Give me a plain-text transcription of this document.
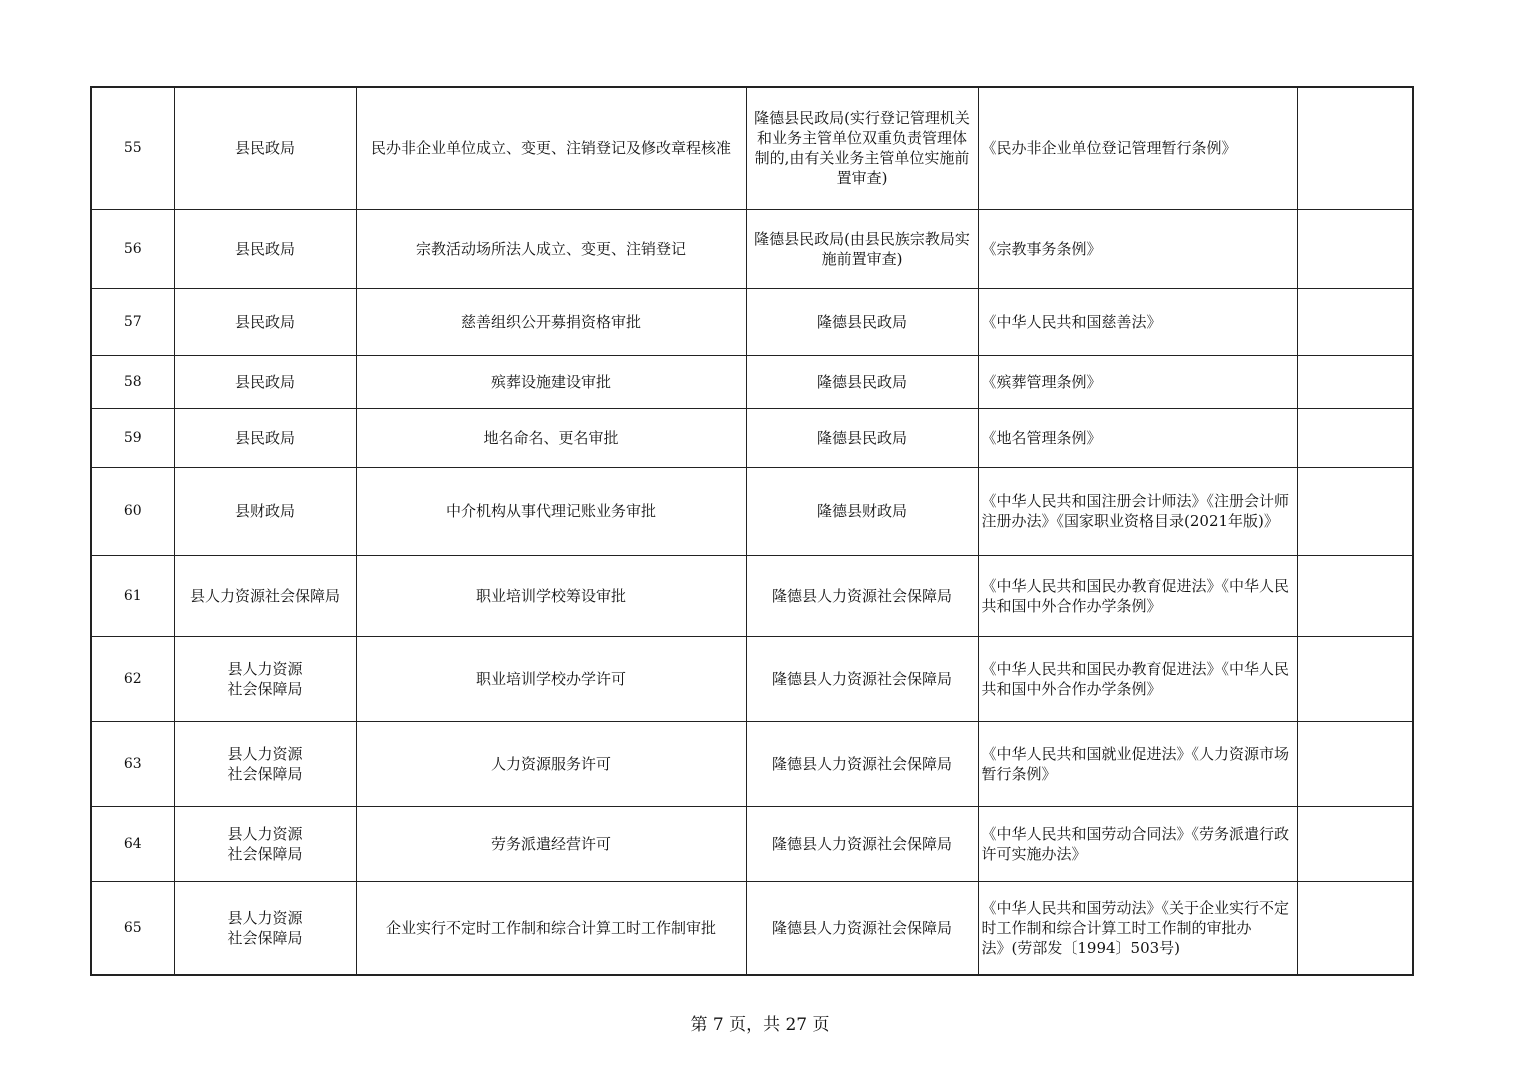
55	县民政局	民办非企业单位成立、变更、注销登记及修改章程核准	隆德县民政局(实行登记管理机关和业务主管单位双重负责管理体制的,由有关业务主管单位实施前置审查)	《民办非企业单位登记管理暂行条例》	

56	县民政局	宗教活动场所法人成立、变更、注销登记	隆德县民政局(由县民族宗教局实施前置审查)	《宗教事务条例》	

57	县民政局	慈善组织公开募捐资格审批	隆德县民政局	《中华人民共和国慈善法》	

58	县民政局	殡葬设施建设审批	隆德县民政局	《殡葬管理条例》	

59	县民政局	地名命名、更名审批	隆德县民政局	《地名管理条例》	

60	县财政局	中介机构从事代理记账业务审批	隆德县财政局	《中华人民共和国注册会计师法》《注册会计师注册办法》《国家职业资格目录(2021年版)》	

61	县人力资源社会保障局	职业培训学校筹设审批	隆德县人力资源社会保障局	《中华人民共和国民办教育促进法》《中华人民共和国中外合作办学条例》	

62	县人力资源
社会保障局	职业培训学校办学许可	隆德县人力资源社会保障局	《中华人民共和国民办教育促进法》《中华人民共和国中外合作办学条例》	

63	县人力资源
社会保障局	人力资源服务许可	隆德县人力资源社会保障局	《中华人民共和国就业促进法》《人力资源市场暂行条例》	

64	县人力资源
社会保障局	劳务派遣经营许可	隆德县人力资源社会保障局	《中华人民共和国劳动合同法》《劳务派遣行政许可实施办法》	

65	县人力资源
社会保障局	企业实行不定时工作制和综合计算工时工作制审批	隆德县人力资源社会保障局	《中华人民共和国劳动法》《关于企业实行不定时工作制和综合计算工时工作制的审批办
法》(劳部发〔1994〕503号)	

第 7 页，共 27 页
